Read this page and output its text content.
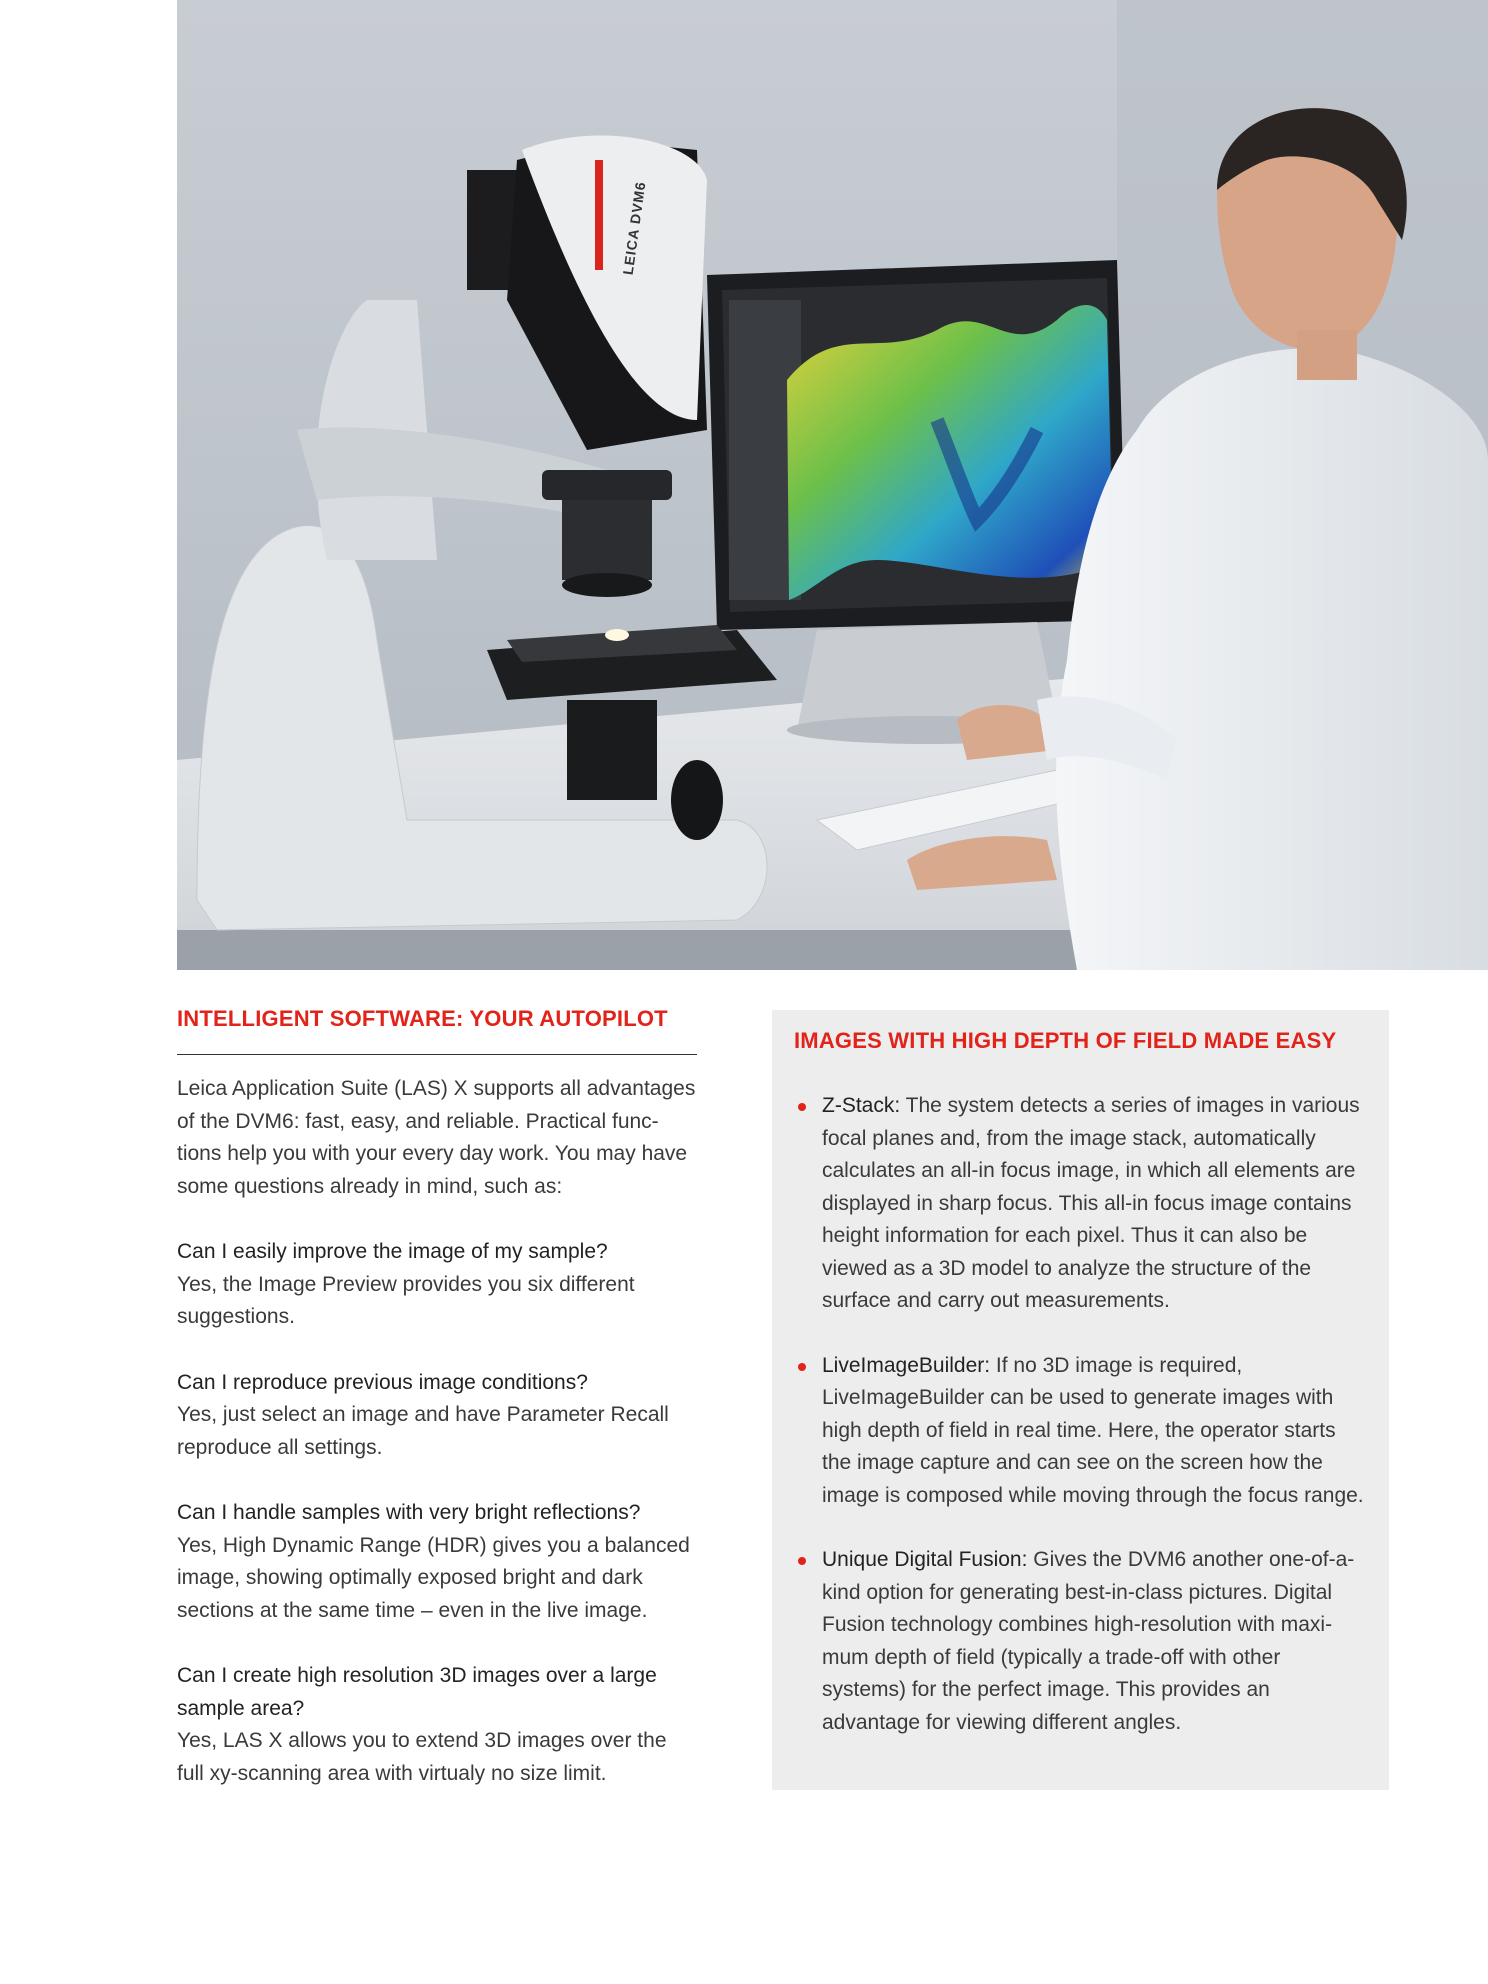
LEICA DVM6
INTELLIGENT SOFTWARE: YOUR AUTOPILOT

Leica Application Suite (LAS) X supports all advantages of the DVM6: fast, easy, and reliable. Practical func-tions help you with your every day work. You may have some questions already in mind, such as:

Can I easily improve the image of my sample?

Yes, the Image Preview provides you six different suggestions.

Can I reproduce previous image conditions?

Yes, just select an image and have Parameter Recall reproduce all settings.

Can I handle samples with very bright reflections?

Yes, High Dynamic Range (HDR) gives you a balanced image, showing optimally exposed bright and dark sections at the same time – even in the live image.

Can I create high resolution 3D images over a large sample area?

Yes, LAS X allows you to extend 3D images over the full xy-scanning area with virtualy no size limit.

IMAGES WITH HIGH DEPTH OF FIELD MADE EASY
Z-Stack: The system detects a series of images in various focal planes and, from the image stack, automatically calculates an all-in focus image, in which all elements are displayed in sharp focus. This all-in focus image contains height information for each pixel. Thus it can also be viewed as a 3D model to analyze the structure of the surface and carry out measurements.
LiveImageBuilder: If no 3D image is required, LiveImageBuilder can be used to generate images with high depth of field in real time. Here, the operator starts the image capture and can see on the screen how the image is composed while moving through the focus range.
Unique Digital Fusion: Gives the DVM6 another one-of-a-kind option for generating best-in-class pictures. Digital Fusion technology combines high-resolution with maxi-mum depth of field (typically a trade-off with other systems) for the perfect image. This provides an advantage for viewing different angles.
